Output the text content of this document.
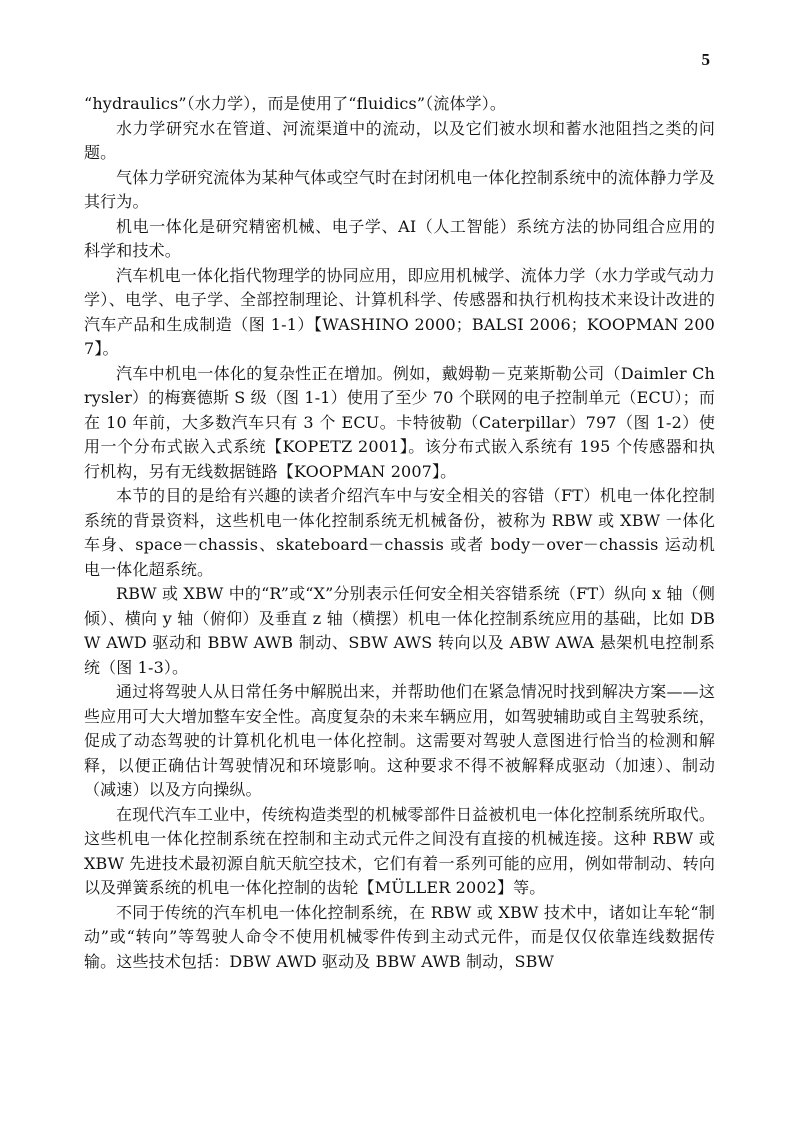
5

“hydraulics”（水力学），而是使用了“fluidics”（流体学）。

水力学研究水在管道、河流渠道中的流动，以及它们被水坝和蓄水池阻挡之类的问题。

气体力学研究流体为某种气体或空气时在封闭机电一体化控制系统中的流体静力学及其行为。

机电一体化是研究精密机械、电子学、AI（人工智能）系统方法的协同组合应用的科学和技术。

汽车机电一体化指代物理学的协同应用，即应用机械学、流体力学（水力学或气动力学）、电学、电子学、全部控制理论、计算机科学、传感器和执行机构技术来设计改进的汽车产品和生成制造（图 1-1）【WASHINO 2000；BALSI 2006；KOOPMAN 2007】。

汽车中机电一体化的复杂性正在增加。例如，戴姆勒－克莱斯勒公司（Daimler Chrysler）的梅赛德斯 S 级（图 1-1）使用了至少 70 个联网的电子控制单元（ECU）；而在 10 年前，大多数汽车只有 3 个 ECU。卡特彼勒（Caterpillar）797（图 1-2）使用一个分布式嵌入式系统【KOPETZ 2001】。该分布式嵌入系统有 195 个传感器和执行机构，另有无线数据链路【KOOPMAN 2007】。

本节的目的是给有兴趣的读者介绍汽车中与安全相关的容错（FT）机电一体化控制系统的背景资料，这些机电一体化控制系统无机械备份，被称为 RBW 或 XBW 一体化车身、space－chassis、skateboard－chassis 或者 body－over－chassis 运动机电一体化超系统。

RBW 或 XBW 中的“R”或“X”分别表示任何安全相关容错系统（FT）纵向 x 轴（侧倾）、横向 y 轴（俯仰）及垂直 z 轴（横摆）机电一体化控制系统应用的基础，比如 DBW AWD 驱动和 BBW AWB 制动、SBW AWS 转向以及 ABW AWA 悬架机电控制系统（图 1-3）。

通过将驾驶人从日常任务中解脱出来，并帮助他们在紧急情况时找到解决方案——这些应用可大大增加整车安全性。高度复杂的未来车辆应用，如驾驶辅助或自主驾驶系统，促成了动态驾驶的计算机化机电一体化控制。这需要对驾驶人意图进行恰当的检测和解释，以便正确估计驾驶情况和环境影响。这种要求不得不被解释成驱动（加速）、制动（减速）以及方向操纵。

在现代汽车工业中，传统构造类型的机械零部件日益被机电一体化控制系统所取代。这些机电一体化控制系统在控制和主动式元件之间没有直接的机械连接。这种 RBW 或 XBW 先进技术最初源自航天航空技术，它们有着一系列可能的应用，例如带制动、转向以及弹簧系统的机电一体化控制的齿轮【MÜLLER 2002】等。

不同于传统的汽车机电一体化控制系统，在 RBW 或 XBW 技术中，诸如让车轮“制动”或“转向”等驾驶人命令不使用机械零件传到主动式元件，而是仅仅依靠连线数据传输。这些技术包括：DBW AWD 驱动及 BBW AWB 制动，SBW
